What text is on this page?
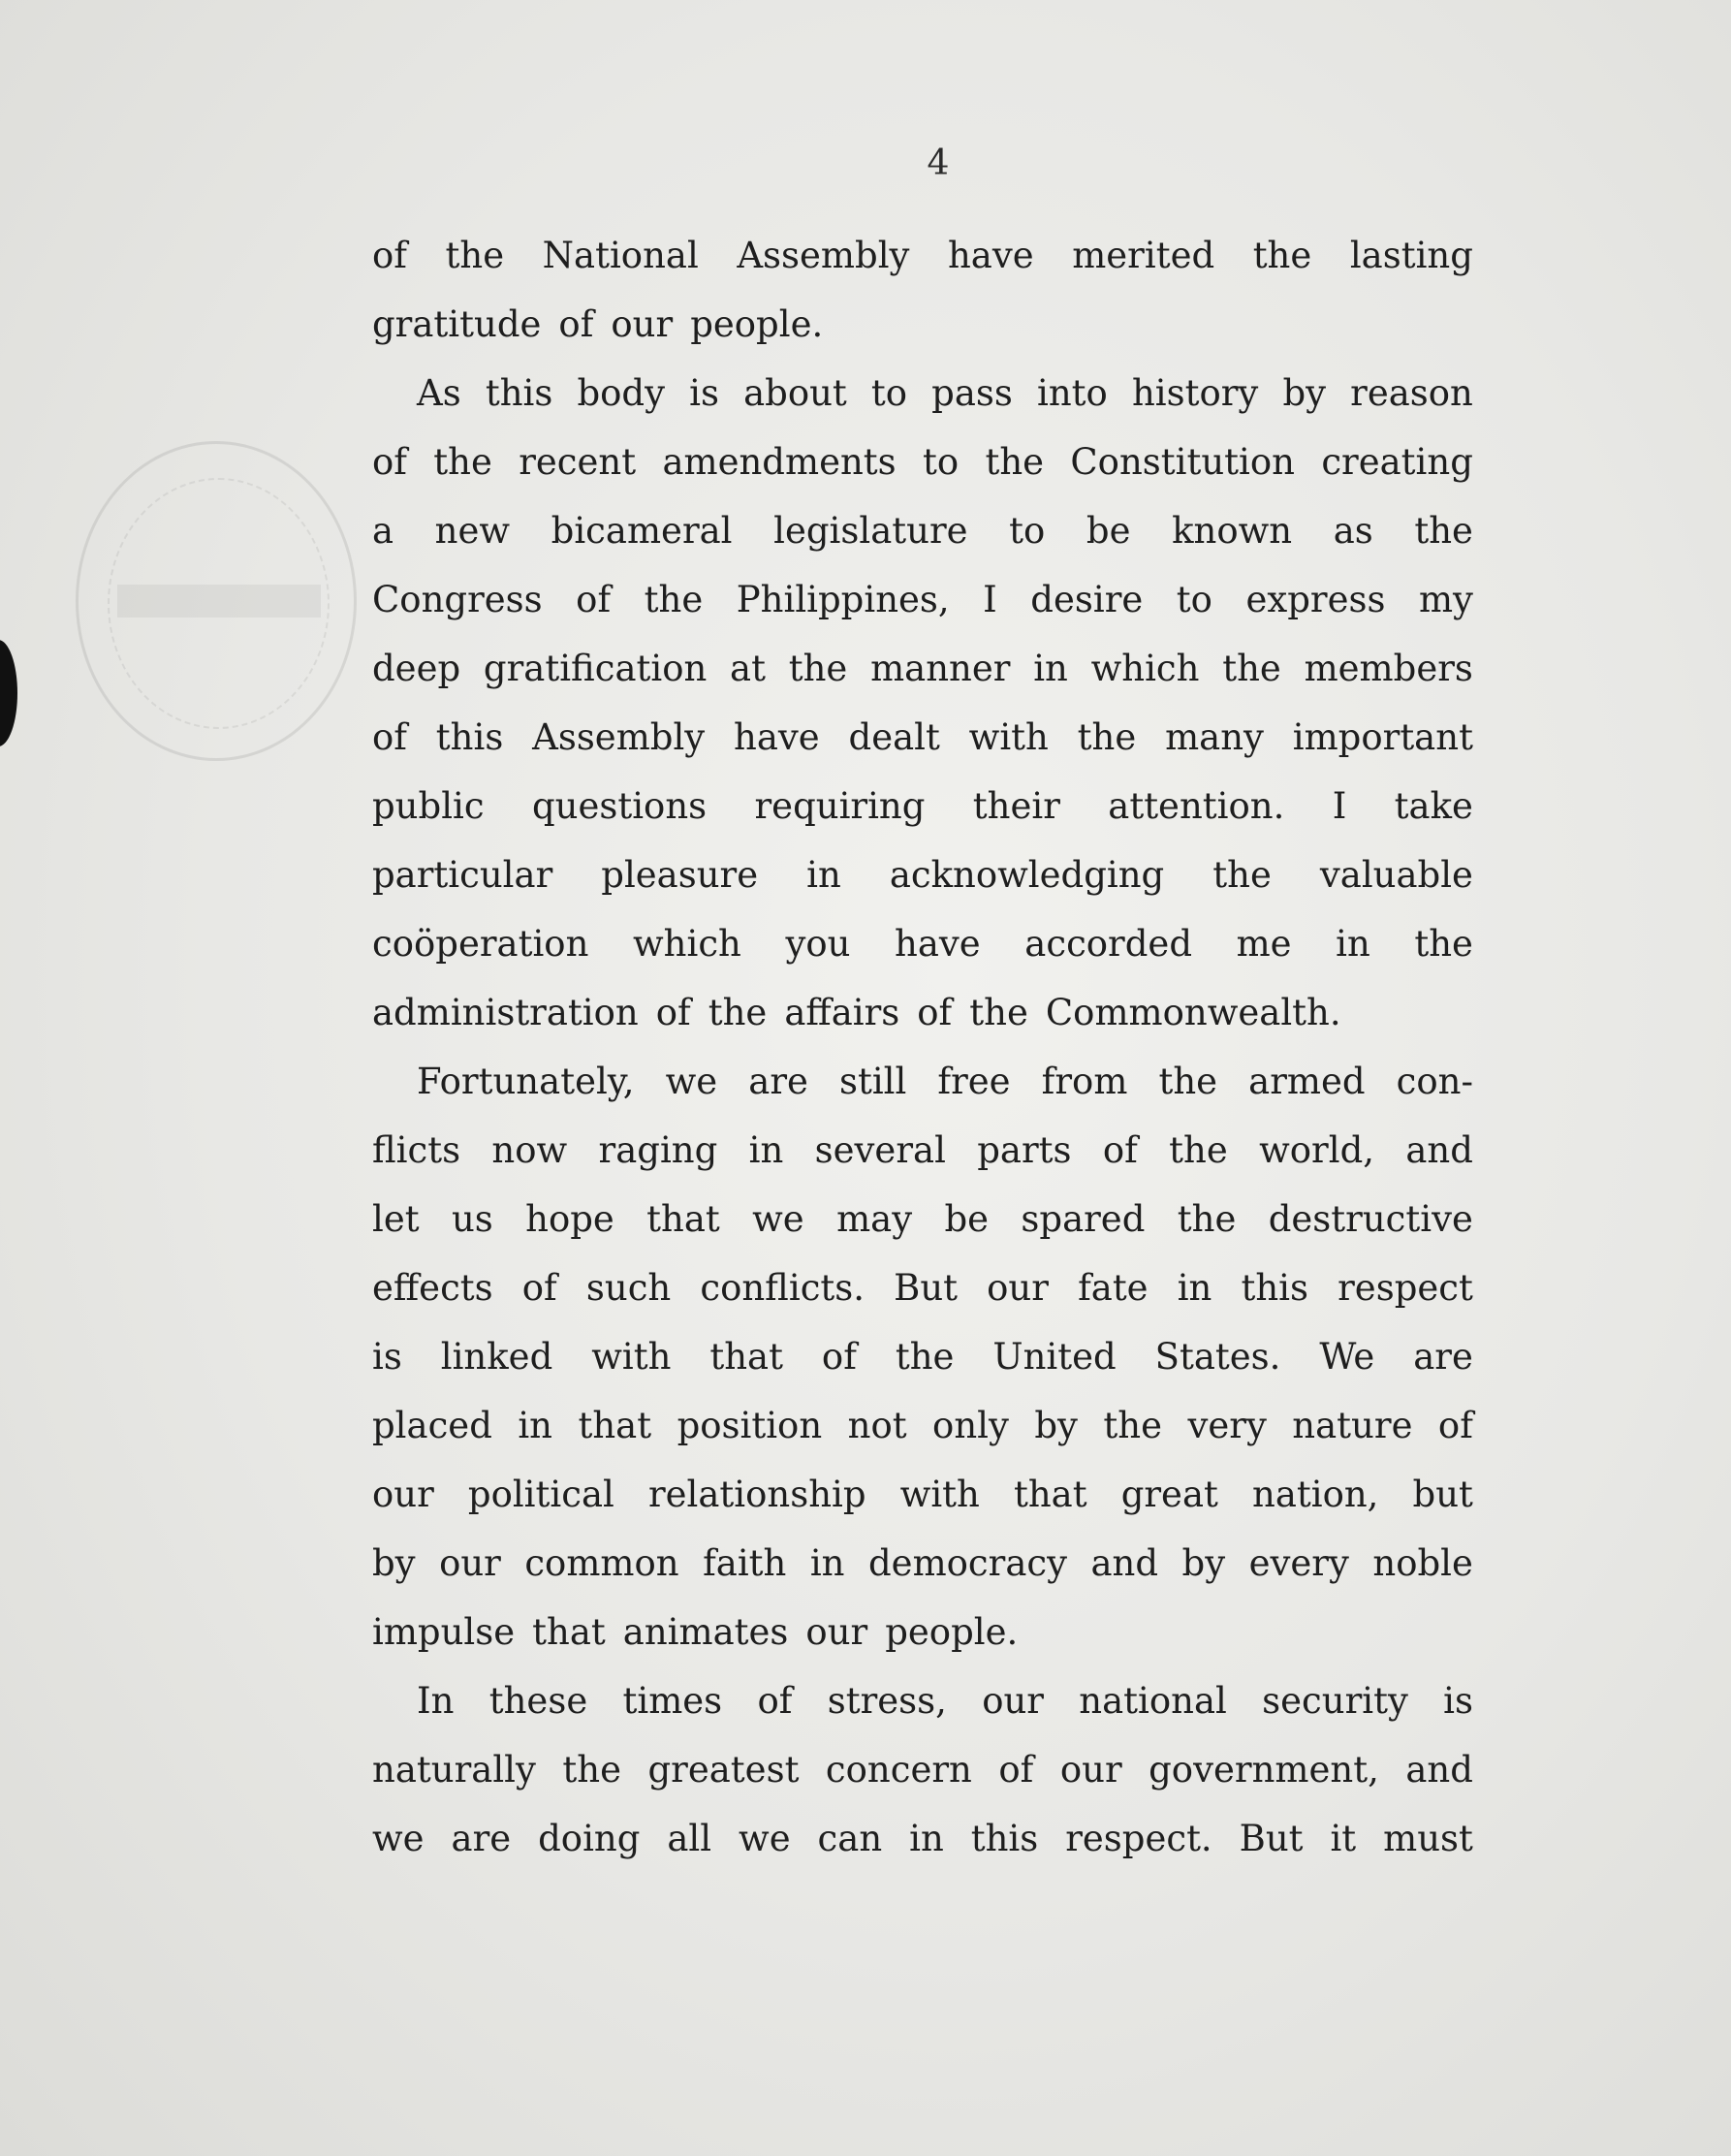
4
of the National Assembly have merited the lasting
gratitude of our people.
As this body is about to pass into history by reason
of the recent amendments to the Constitution creating
a new bicameral legislature to be known as the
Congress of the Philippines, I desire to express my
deep gratification at the manner in which the members
of this Assembly have dealt with the many important
public questions requiring their attention. I take
particular pleasure in acknowledging the valuable
coöperation which you have accorded me in the
administration of the affairs of the Commonwealth.
Fortunately, we are still free from the armed con-
flicts now raging in several parts of the world, and
let us hope that we may be spared the destructive
effects of such conflicts. But our fate in this respect
is linked with that of the United States. We are
placed in that position not only by the very nature of
our political relationship with that great nation, but
by our common faith in democracy and by every noble
impulse that animates our people.
In these times of stress, our national security is
naturally the greatest concern of our government, and
we are doing all we can in this respect. But it must
